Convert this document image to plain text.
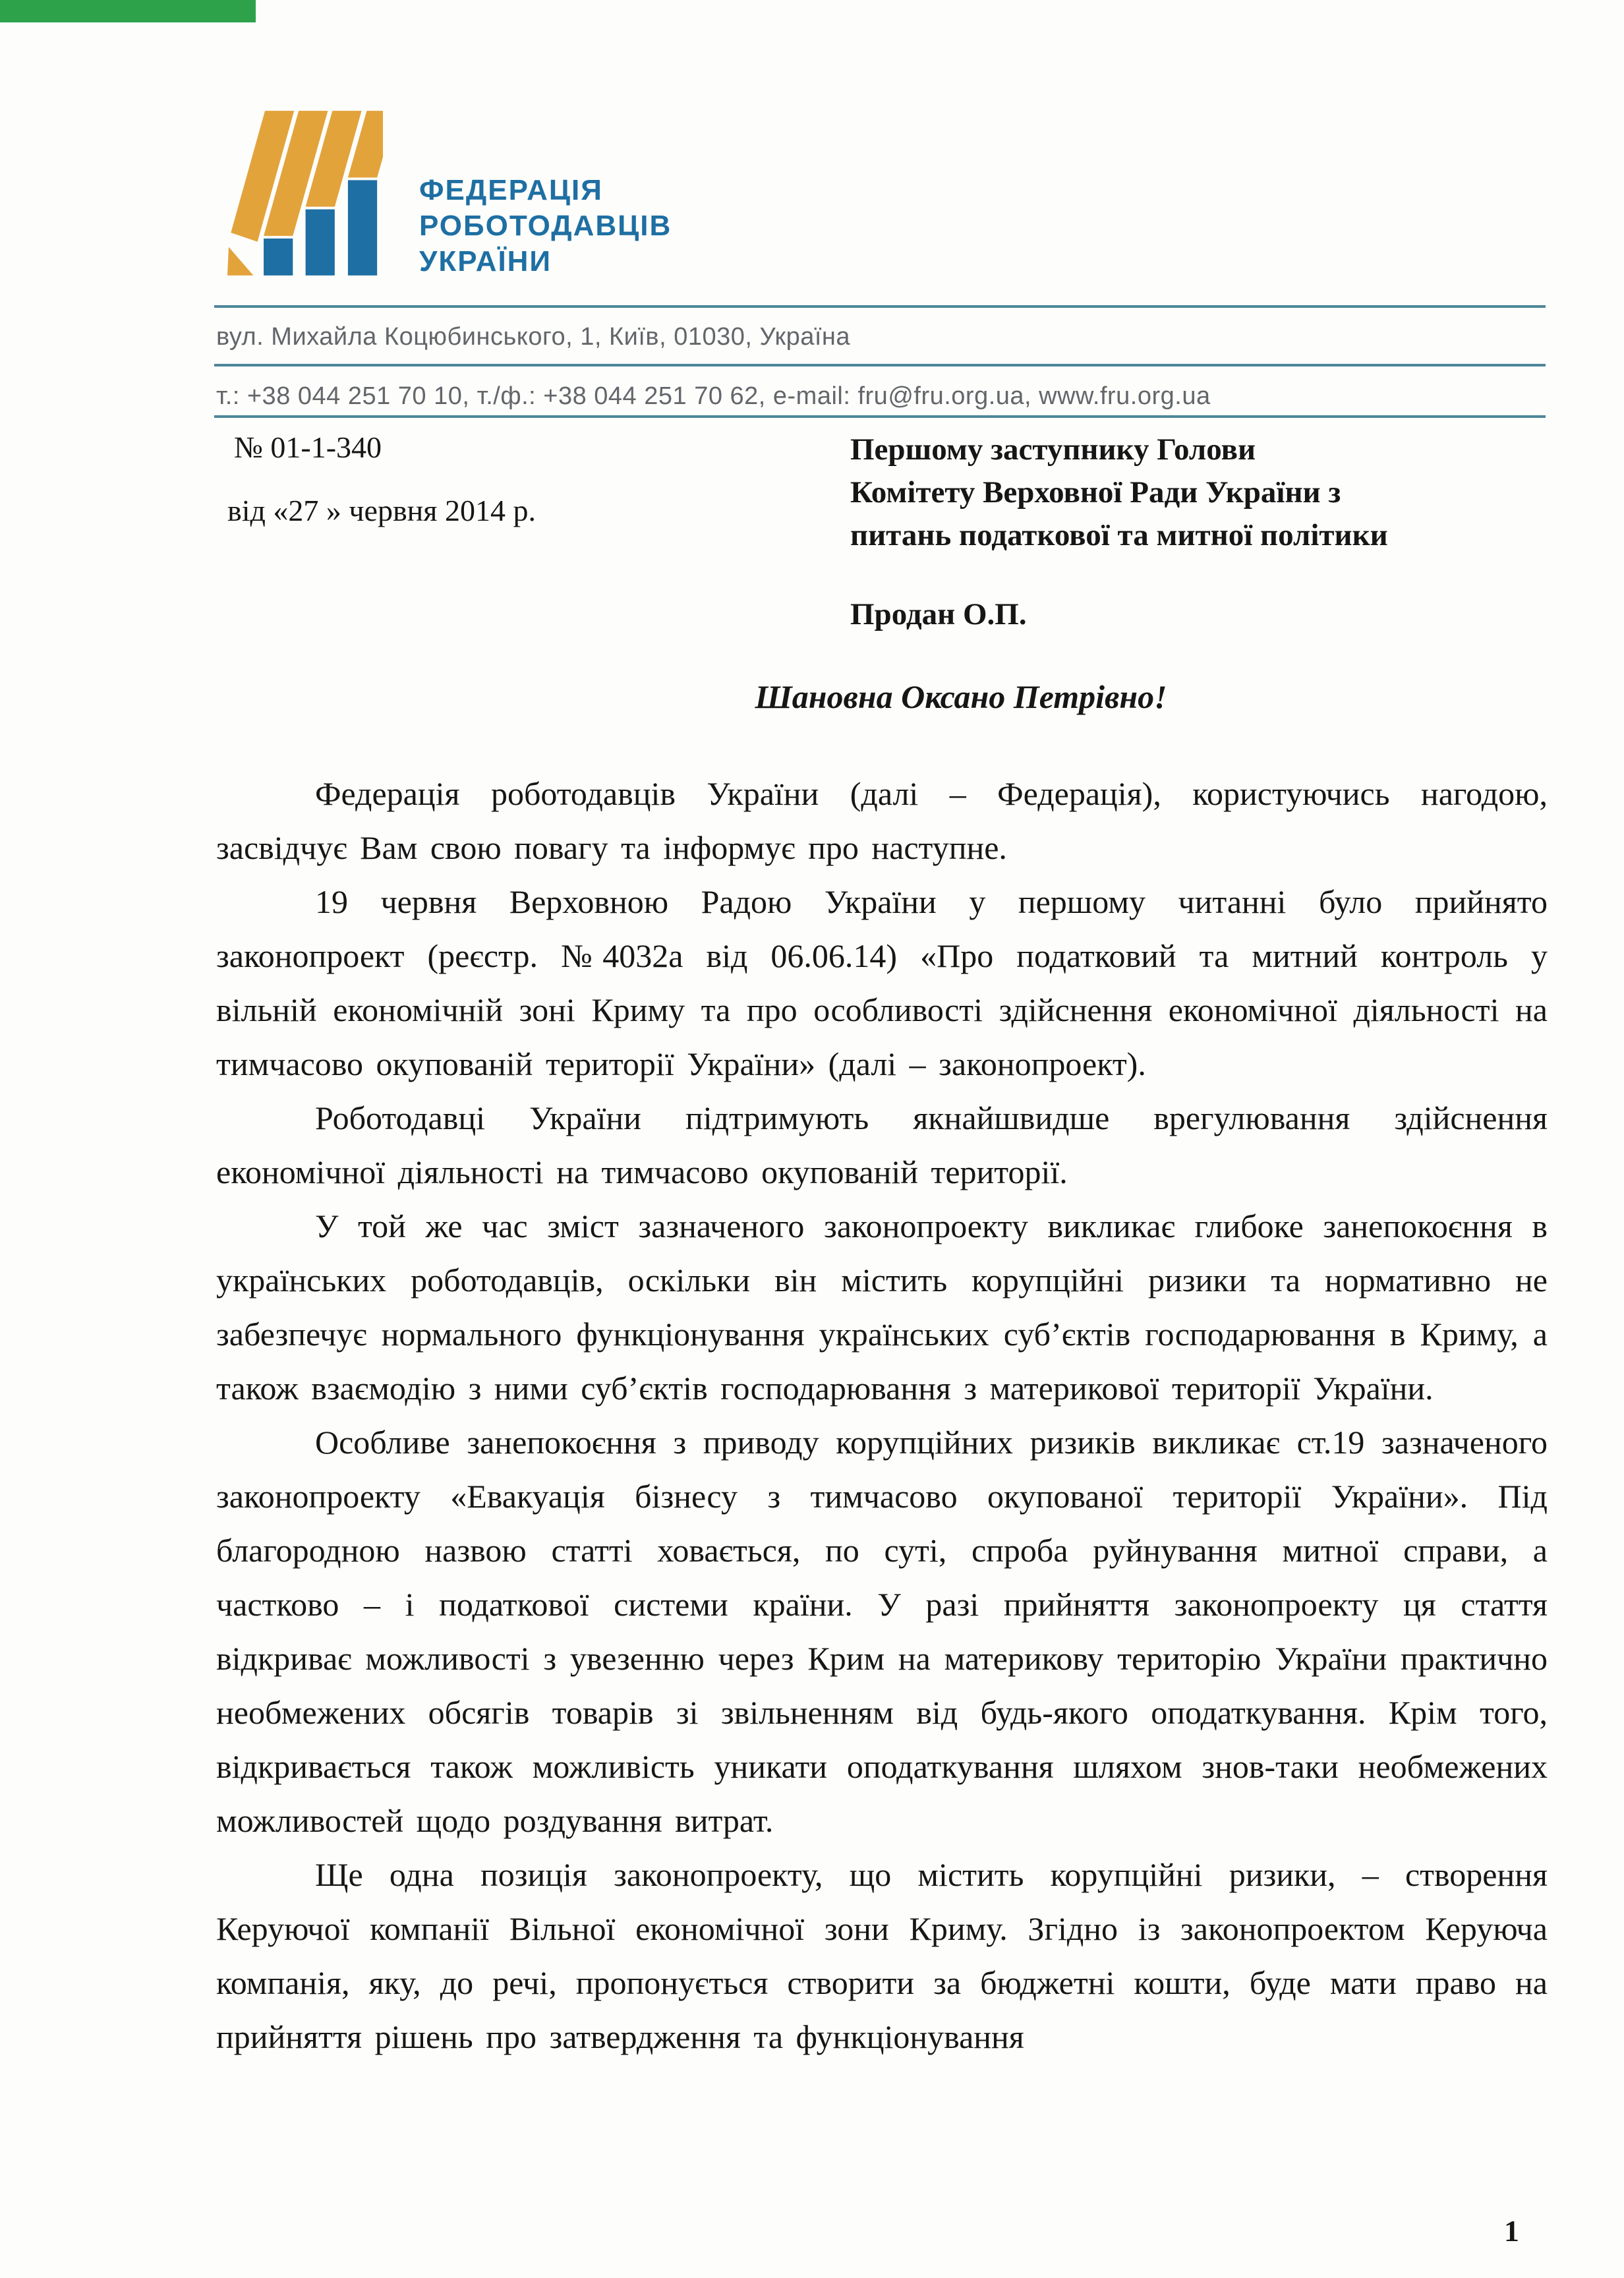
ФЕДЕРАЦІЯ
РОБОТОДАВЦІВ
УКРАЇНИ
вул. Михайла Коцюбинського, 1, Київ, 01030, Україна
т.: +38 044 251 70 10, т./ф.: +38 044 251 70 62, e-mail: fru@fru.org.ua, www.fru.org.ua
№ 01-1-340
від «27 » червня 2014 р.
Першому заступнику Голови
Комітету Верховної Ради України з
питань податкової та митної політики
Продан О.П.
Шановна Оксано Петрівно!

Федерація роботодавців України (далі – Федерація), користуючись нагодою, засвідчує Вам свою повагу та інформує про наступне.

19 червня Верховною Радою України у першому читанні було прийнято законопроект (реєстр. №4032а від 06.06.14) «Про податковий та митний контроль у вільній економічній зоні Криму та про особливості здійснення економічної діяльності на тимчасово окупованій території України» (далі – законопроект).

Роботодавці України підтримують якнайшвидше врегулювання здійснення економічної діяльності на тимчасово окупованій території.

У той же час зміст зазначеного законопроекту викликає глибоке занепокоєння в українських роботодавців, оскільки він містить корупційні ризики та нормативно не забезпечує нормального функціонування українських суб’єктів господарювання в Криму, а також взаємодію з ними суб’єктів господарювання з материкової території України.

Особливе занепокоєння з приводу корупційних ризиків викликає ст.19 зазначеного законопроекту «Евакуація бізнесу з тимчасово окупованої території України». Під благородною назвою статті ховається, по суті, спроба руйнування митної справи, а частково – і податкової системи країни. У разі прийняття законопроекту ця стаття відкриває можливості з увезенню через Крим на материкову територію України практично необмежених обсягів товарів зі звільненням від будь-якого оподаткування. Крім того, відкривається також можливість уникати оподаткування шляхом знов-таки необмежених можливостей щодо роздування витрат.

Ще одна позиція законопроекту, що містить корупційні ризики, – створення Керуючої компанії Вільної економічної зони Криму. Згідно із законопроектом Керуюча компанія, яку, до речі, пропонується створити за бюджетні кошти, буде мати право на прийняття рішень про затвердження та функціонування

1
